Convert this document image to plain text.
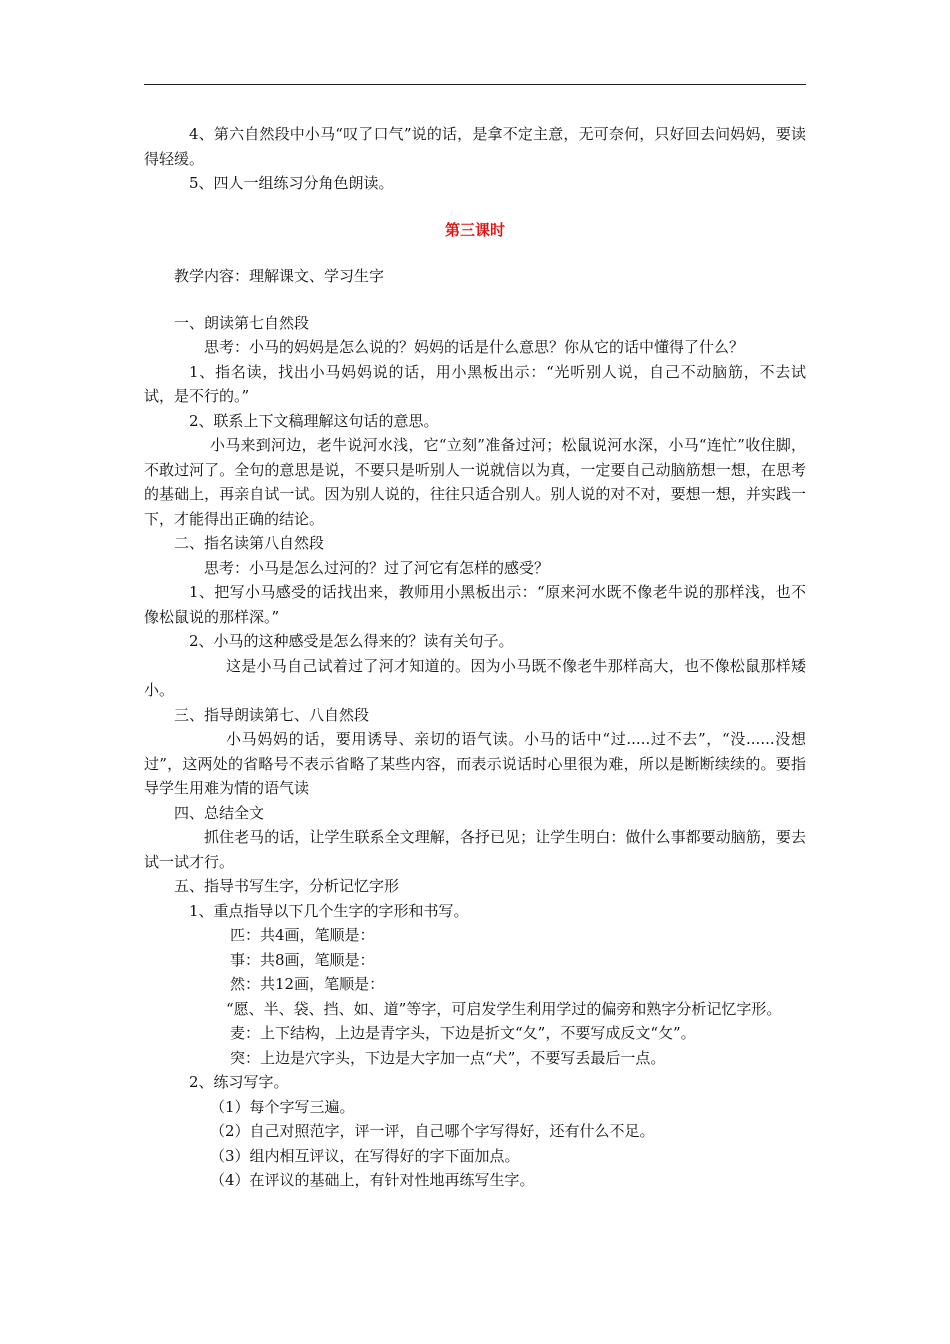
4、第六自然段中小马“叹了口气”说的话，是拿不定主意，无可奈何，只好回去问妈妈，要读得轻缓。

5、四人一组练习分角色朗读。

第三课时

教学内容：理解课文、学习生字

一、朗读第七自然段

思考：小马的妈妈是怎么说的？妈妈的话是什么意思？你从它的话中懂得了什么？

1、指名读，找出小马妈妈说的话，用小黑板出示：“光听别人说，自己不动脑筋，不去试试，是不行的。”

2、联系上下文稿理解这句话的意思。

小马来到河边，老牛说河水浅，它“立刻”准备过河；松鼠说河水深，小马“连忙”收住脚，不敢过河了。全句的意思是说，不要只是听别人一说就信以为真，一定要自己动脑筋想一想，在思考的基础上，再亲自试一试。因为别人说的，往往只适合别人。别人说的对不对，要想一想，并实践一下，才能得出正确的结论。

二、指名读第八自然段

思考：小马是怎么过河的？过了河它有怎样的感受？

1、把写小马感受的话找出来，教师用小黑板出示：“原来河水既不像老牛说的那样浅，也不像松鼠说的那样深。”

2、小马的这种感受是怎么得来的？读有关句子。

这是小马自己试着过了河才知道的。因为小马既不像老牛那样高大，也不像松鼠那样矮小。

三、指导朗读第七、八自然段

小马妈妈的话，要用诱导、亲切的语气读。小马的话中“过.....过不去”，“没......没想过”，这两处的省略号不表示省略了某些内容，而表示说话时心里很为难，所以是断断续续的。要指导学生用难为情的语气读

四、总结全文

抓住老马的话，让学生联系全文理解，各抒已见；让学生明白：做什么事都要动脑筋，要去试一试才行。

五、指导书写生字，分析记忆字形

1、重点指导以下几个生字的字形和书写。

匹：共4画，笔顺是：

事：共8画，笔顺是：

然：共12画，笔顺是：

“愿、半、袋、挡、如、道”等字，可启发学生利用学过的偏旁和熟字分析记忆字形。

麦：上下结构，上边是青字头，下边是折文“夂”，不要写成反文“攵”。

突：上边是穴字头，下边是大字加一点“犬”，不要写丢最后一点。

2、练习写字。

（1）每个字写三遍。

（2）自己对照范字，评一评，自己哪个字写得好，还有什么不足。

（3）组内相互评议，在写得好的字下面加点。

（4）在评议的基础上，有针对性地再练写生字。
